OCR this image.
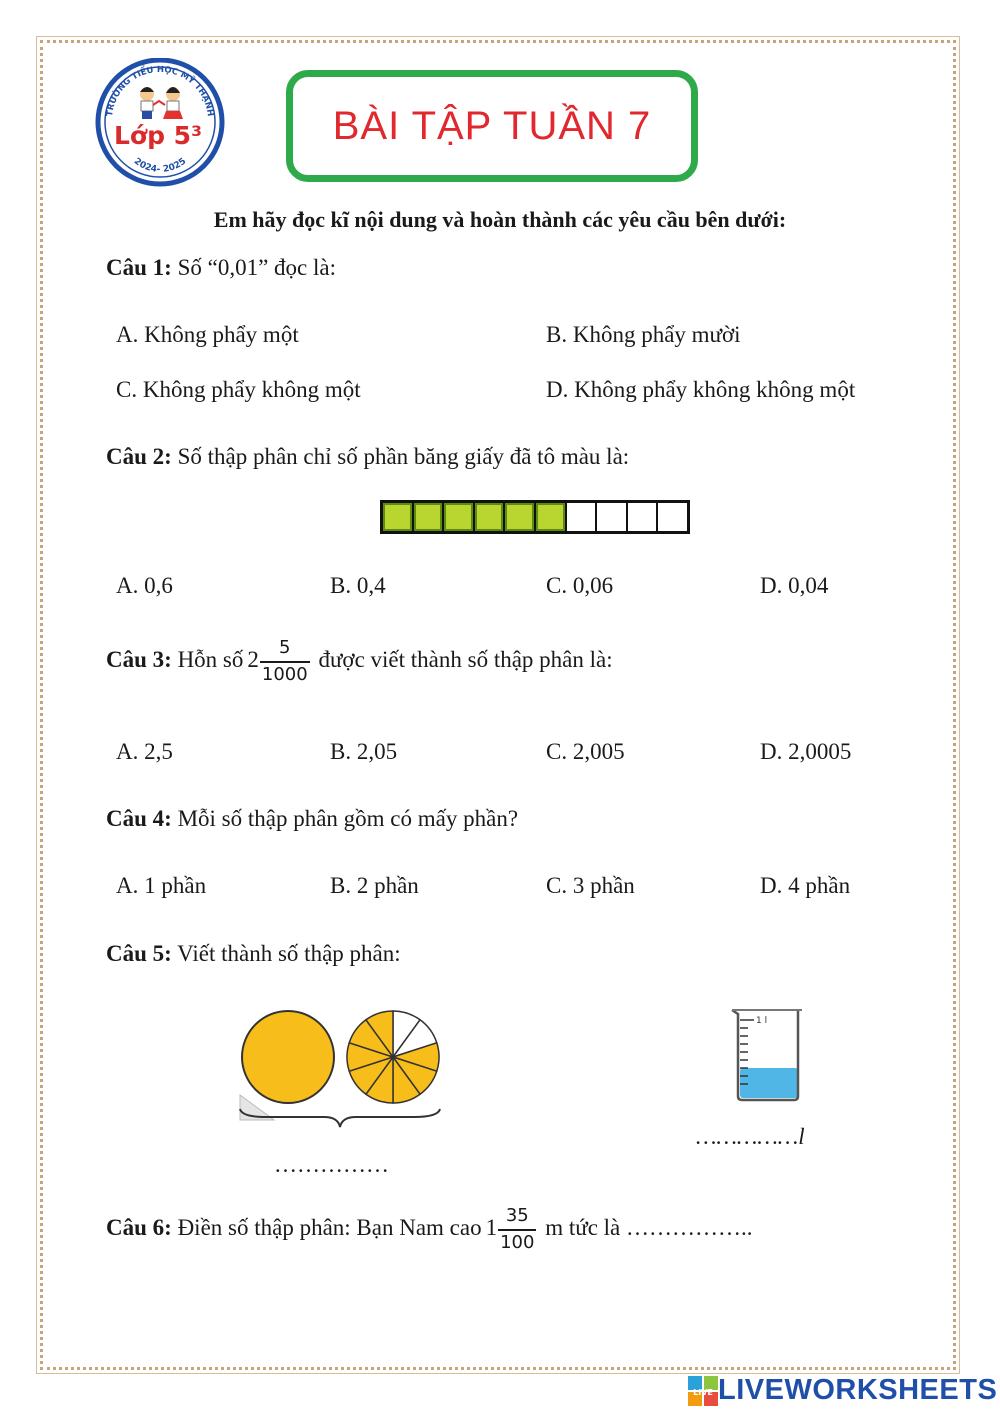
TRƯỜNG TIỂU HỌC MỸ THẠNH
Lớp 5³
2024- 2025
BÀI TẬP TUẦN 7
Em hãy đọc kĩ nội dung và hoàn thành các yêu cầu bên dưới:
Câu 1: Số “0,01” đọc là:
A. Không phẩy một	B. Không phẩy mười
C. Không phẩy không một	D. Không phẩy không không một
Câu 2: Số thập phân chỉ số phần băng giấy đã tô màu là:
A. 0,6	B. 0,4	C. 0,06	D. 0,04
Câu 3: Hỗn số $2 \frac{5}{1000}$ được viết thành số thập phân là:
A. 2,5	B. 2,05	C. 2,005	D. 2,0005
Câu 4: Mỗi số thập phân gồm có mấy phần?
A. 1 phần	B. 2 phần	C. 3 phần	D. 4 phần
Câu 5: Viết thành số thập phân:
……………
1 l
……………l
Câu 6: Điền số thập phân: Bạn Nam cao $1 \frac{35}{100}$ m tức là ……………..
LIVE LIVEWORKSHEETS
